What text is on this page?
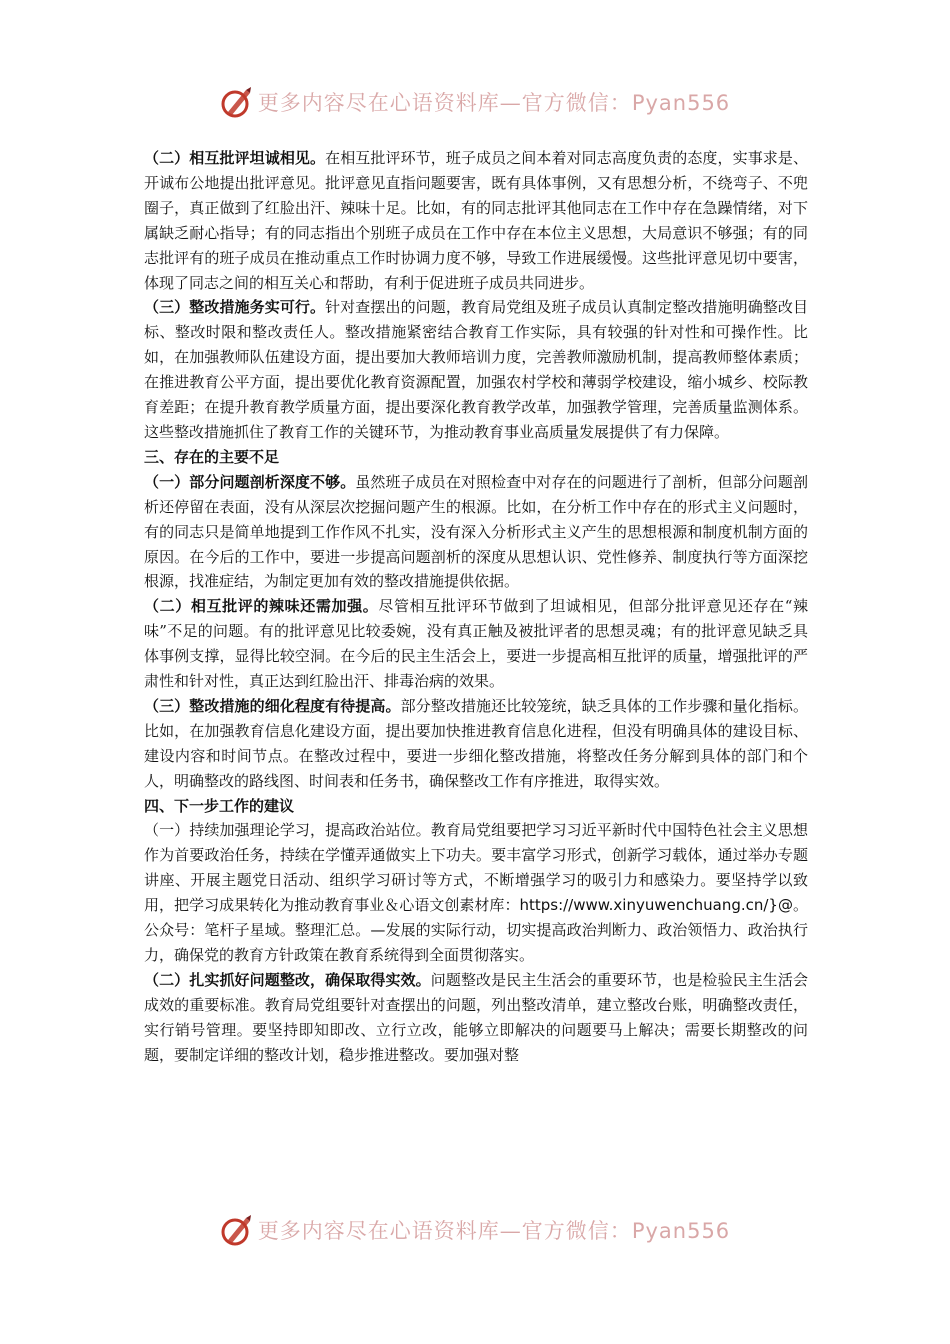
更多内容尽在心语资料库—官方微信：Pyan556

（二）相互批评坦诚相见。在相互批评环节，班子成员之间本着对同志高度负责的态度，实事求是、开诚布公地提出批评意见。批评意见直指问题要害，既有具体事例，又有思想分析，不绕弯子、不兜圈子，真正做到了红脸出汗、辣味十足。比如，有的同志批评其他同志在工作中存在急躁情绪，对下属缺乏耐心指导；有的同志指出个别班子成员在工作中存在本位主义思想，大局意识不够强；有的同志批评有的班子成员在推动重点工作时协调力度不够，导致工作进展缓慢。这些批评意见切中要害，体现了同志之间的相互关心和帮助，有利于促进班子成员共同进步。

（三）整改措施务实可行。针对查摆出的问题，教育局党组及班子成员认真制定整改措施明确整改目标、整改时限和整改责任人。整改措施紧密结合教育工作实际，具有较强的针对性和可操作性。比如，在加强教师队伍建设方面，提出要加大教师培训力度，完善教师激励机制，提高教师整体素质；在推进教育公平方面，提出要优化教育资源配置，加强农村学校和薄弱学校建设，缩小城乡、校际教育差距；在提升教育教学质量方面，提出要深化教育教学改革，加强教学管理，完善质量监测体系。这些整改措施抓住了教育工作的关键环节，为推动教育事业高质量发展提供了有力保障。

三、存在的主要不足

（一）部分问题剖析深度不够。虽然班子成员在对照检查中对存在的问题进行了剖析，但部分问题剖析还停留在表面，没有从深层次挖掘问题产生的根源。比如，在分析工作中存在的形式主义问题时，有的同志只是简单地提到工作作风不扎实，没有深入分析形式主义产生的思想根源和制度机制方面的原因。在今后的工作中，要进一步提高问题剖析的深度从思想认识、党性修养、制度执行等方面深挖根源，找准症结，为制定更加有效的整改措施提供依据。

（二）相互批评的辣味还需加强。尽管相互批评环节做到了坦诚相见，但部分批评意见还存在“辣味”不足的问题。有的批评意见比较委婉，没有真正触及被批评者的思想灵魂；有的批评意见缺乏具体事例支撑，显得比较空洞。在今后的民主生活会上，要进一步提高相互批评的质量，增强批评的严肃性和针对性，真正达到红脸出汗、排毒治病的效果。

（三）整改措施的细化程度有待提高。部分整改措施还比较笼统，缺乏具体的工作步骤和量化指标。比如，在加强教育信息化建设方面，提出要加快推进教育信息化进程，但没有明确具体的建设目标、建设内容和时间节点。在整改过程中，要进一步细化整改措施，将整改任务分解到具体的部门和个人，明确整改的路线图、时间表和任务书，确保整改工作有序推进，取得实效。

四、下一步工作的建议

（一）持续加强理论学习，提高政治站位。教育局党组要把学习习近平新时代中国特色社会主义思想作为首要政治任务，持续在学懂弄通做实上下功夫。要丰富学习形式，创新学习载体，通过举办专题讲座、开展主题党日活动、组织学习研讨等方式，不断增强学习的吸引力和感染力。要坚持学以致用，把学习成果转化为推动教育事业＆心语文创素材库：https://www.xinyuwenchuang.cn/}@。公众号：笔杆子星域。整理汇总。—发展的实际行动，切实提高政治判断力、政治领悟力、政治执行力，确保党的教育方针政策在教育系统得到全面贯彻落实。

（二）扎实抓好问题整改，确保取得实效。问题整改是民主生活会的重要环节，也是检验民主生活会成效的重要标准。教育局党组要针对查摆出的问题，列出整改清单，建立整改台账，明确整改责任，实行销号管理。要坚持即知即改、立行立改，能够立即解决的问题要马上解决；需要长期整改的问题，要制定详细的整改计划，稳步推进整改。要加强对整

更多内容尽在心语资料库—官方微信：Pyan556
